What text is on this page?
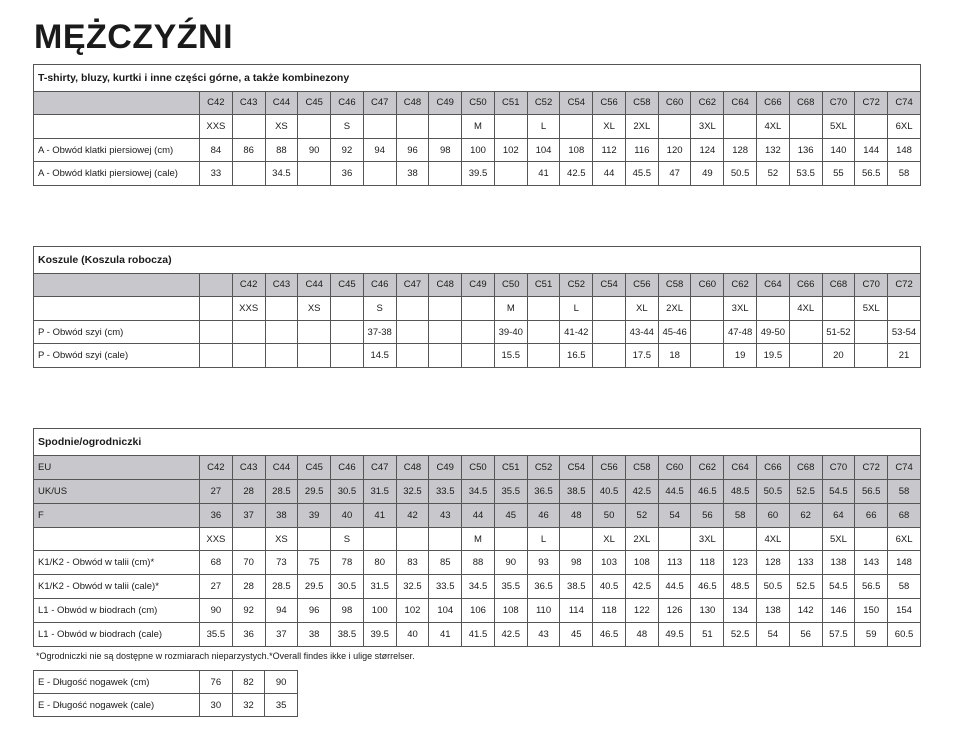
MĘŻCZYŹNI
T-shirty, bluzy, kurtki i inne części górne, a także kombinezony																						
	C42	C43	C44	C45	C46	C47	C48	C49	C50	C51	C52	C54	C56	C58	C60	C62	C64	C66	C68	C70	C72	C74
	XXS		XS		S				M		L		XL	2XL		3XL		4XL		5XL		6XL
A - Obwód klatki piersiowej (cm)	84	86	88	90	92	94	96	98	100	102	104	108	112	116	120	124	128	132	136	140	144	148
A - Obwód klatki piersiowej (cale)	33		34.5		36		38		39.5		41	42.5	44	45.5	47	49	50.5	52	53.5	55	56.5	58
Koszule (Koszula robocza)																						
		C42	C43	C44	C45	C46	C47	C48	C49	C50	C51	C52	C54	C56	C58	C60	C62	C64	C66	C68	C70	C72
		XXS		XS		S				M		L		XL	2XL		3XL		4XL		5XL	
P - Obwód szyi (cm)						37-38				39-40		41-42		43-44	45-46		47-48	49-50		51-52		53-54
P - Obwód szyi (cale)						14.5				15.5		16.5		17.5	18		19	19.5		20		21
Spodnie/ogrodniczki																						
EU	C42	C43	C44	C45	C46	C47	C48	C49	C50	C51	C52	C54	C56	C58	C60	C62	C64	C66	C68	C70	C72	C74
UK/US	27	28	28.5	29.5	30.5	31.5	32.5	33.5	34.5	35.5	36.5	38.5	40.5	42.5	44.5	46.5	48.5	50.5	52.5	54.5	56.5	58
F	36	37	38	39	40	41	42	43	44	45	46	48	50	52	54	56	58	60	62	64	66	68
	XXS		XS		S				M		L		XL	2XL		3XL		4XL		5XL		6XL
K1/K2 - Obwód w talii (cm)*	68	70	73	75	78	80	83	85	88	90	93	98	103	108	113	118	123	128	133	138	143	148
K1/K2 - Obwód w talii (cale)*	27	28	28.5	29.5	30.5	31.5	32.5	33.5	34.5	35.5	36.5	38.5	40.5	42.5	44.5	46.5	48.5	50.5	52.5	54.5	56.5	58
L1 - Obwód w biodrach (cm)	90	92	94	96	98	100	102	104	106	108	110	114	118	122	126	130	134	138	142	146	150	154
L1 - Obwód w biodrach (cale)	35.5	36	37	38	38.5	39.5	40	41	41.5	42.5	43	45	46.5	48	49.5	51	52.5	54	56	57.5	59	60.5
*Ogrodniczki nie są dostępne w rozmiarach nieparzystych.*Overall findes ikke i ulige størrelser.
E - Długość nogawek (cm)	76	82	90
E - Długość nogawek (cale)	30	32	35
